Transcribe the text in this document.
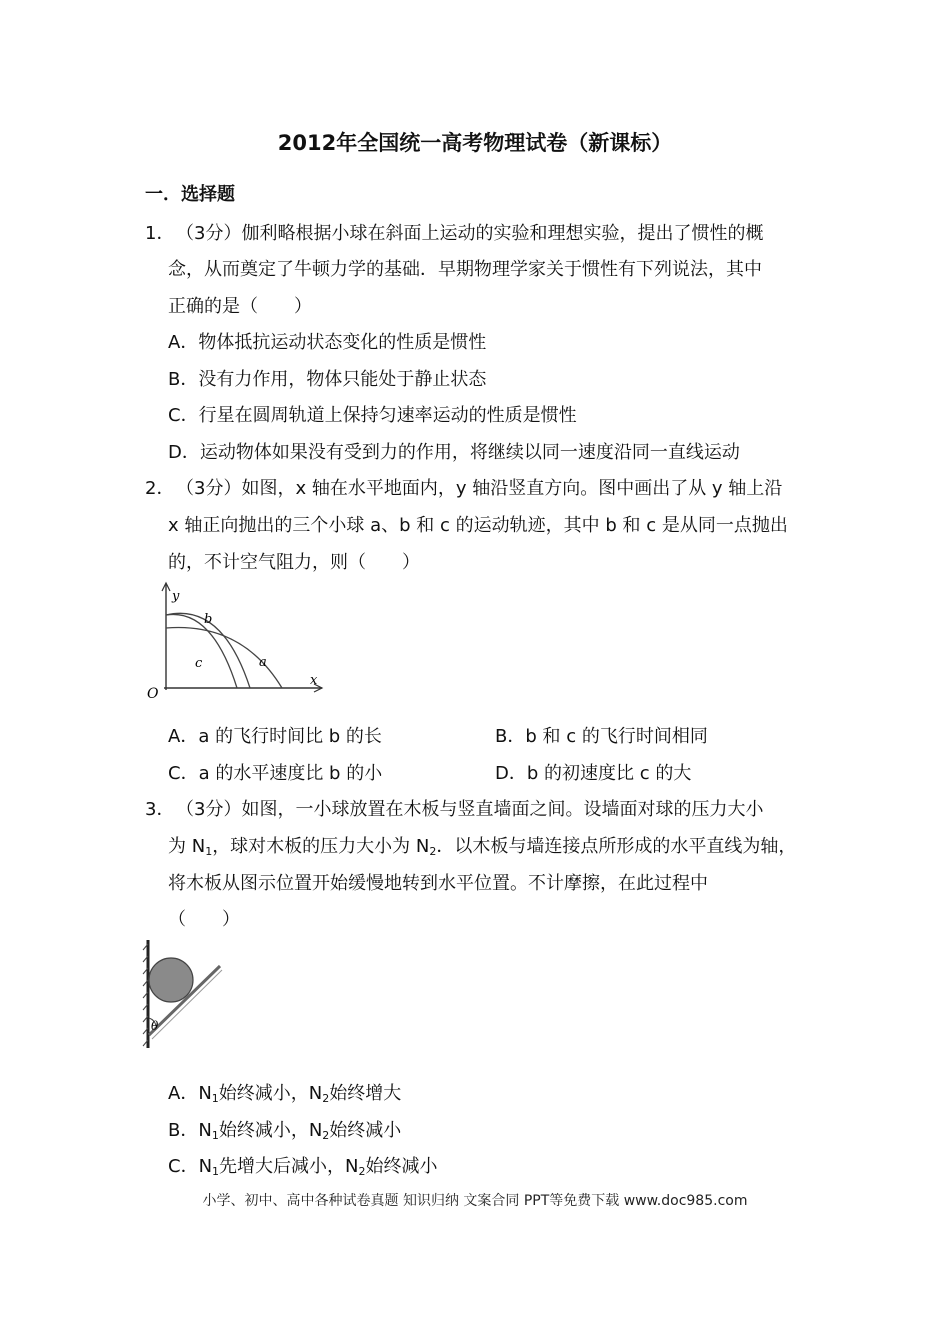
2012年全国统一高考物理试卷（新课标）
一．选择题
1． （3分）伽利略根据小球在斜面上运动的实验和理想实验，提出了惯性的概
念，从而奠定了牛顿力学的基础．早期物理学家关于惯性有下列说法，其中
正确的是（　　）
A．物体抵抗运动状态变化的性质是惯性
B．没有力作用，物体只能处于静止状态
C．行星在圆周轨道上保持匀速率运动的性质是惯性
D．运动物体如果没有受到力的作用，将继续以同一速度沿同一直线运动
2． （3分）如图，x 轴在水平地面内，y 轴沿竖直方向。图中画出了从 y 轴上沿
x 轴正向抛出的三个小球 a、b 和 c 的运动轨迹，其中 b 和 c 是从同一点抛出
的，不计空气阻力，则（　　）
y
x
O
b
c	a
A．a 的飞行时间比 b 的长	B．b 和 c 的飞行时间相同
C．a 的水平速度比 b 的小	D．b 的初速度比 c 的大
3． （3分）如图，一小球放置在木板与竖直墙面之间。设墙面对球的压力大小
为 $N_1$，球对木板的压力大小为 $N_2$．以木板与墙连接点所形成的水平直线为轴，
将木板从图示位置开始缓慢地转到水平位置。不计摩擦，在此过程中
（　　）
θ
A．$N_1$始终减小，$N_2$始终增大
B．$N_1$始终减小，$N_2$始终减小
C．$N_1$先增大后减小，$N_2$始终减小
小学、初中、高中各种试卷真题 知识归纳 文案合同 PPT等免费下载 www.doc985.com
